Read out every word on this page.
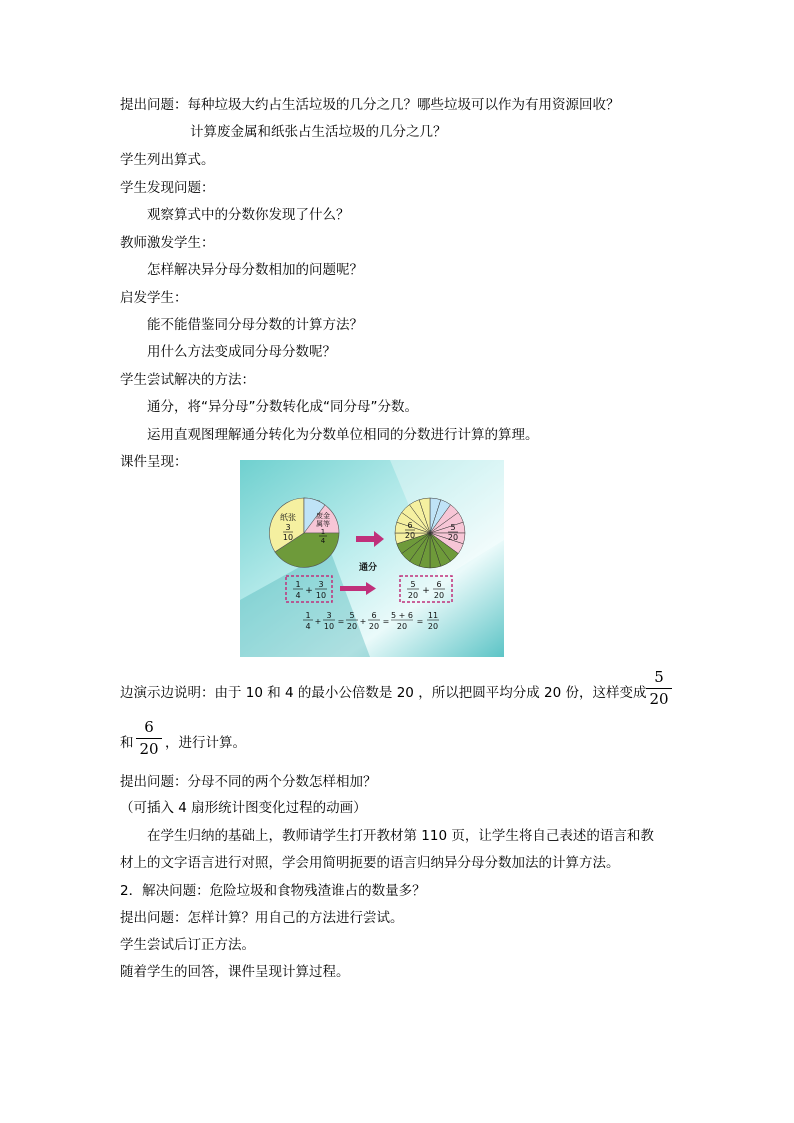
提出问题：每种垃圾大约占生活垃圾的几分之几？哪些垃圾可以作为有用资源回收？
计算废金属和纸张占生活垃圾的几分之几？
学生列出算式。
学生发现问题：
观察算式中的分数你发现了什么？
教师激发学生：
怎样解决异分母分数相加的问题呢？
启发学生：
能不能借鉴同分母分数的计算方法？
用什么方法变成同分母分数呢？
学生尝试解决的方法：
通分，将“异分母”分数转化成“同分母”分数。
运用直观图理解通分转化为分数单位相同的分数进行计算的算理。
课件呈现：
纸张
3
10
废金
属等
1
4
通分
6
20
5
20
1
4 +
3
10
5
20 +
6
20
1
4
+
3
10
=
5
20
+
6
20
=
5 + 6
20
=
11
20
边演示边说明：由于 10 和 4 的最小公倍数是 20 ，所以把圆平均分成 20 份，这样变成
5
20
和
6
20 ，进行计算。
提出问题：分母不同的两个分数怎样相加？
（可插入 4 扇形统计图变化过程的动画）
在学生归纳的基础上，教师请学生打开教材第 110 页，让学生将自己表述的语言和教
材上的文字语言进行对照，学会用简明扼要的语言归纳异分母分数加法的计算方法。
2．解决问题：危险垃圾和食物残渣谁占的数量多？
提出问题：怎样计算？用自己的方法进行尝试。
学生尝试后订正方法。
随着学生的回答，课件呈现计算过程。
